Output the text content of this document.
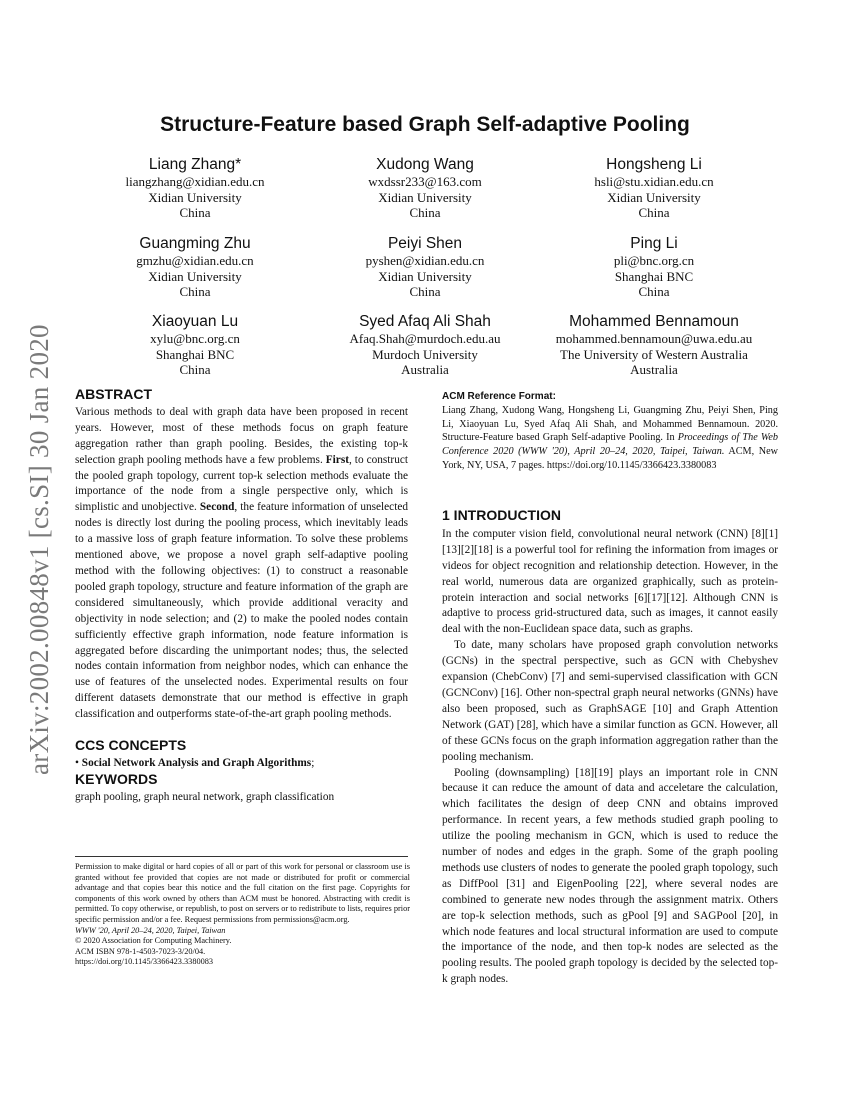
arXiv:2002.00848v1 [cs.SI] 30 Jan 2020
Structure-Feature based Graph Self-adaptive Pooling
Liang Zhang*
liangzhang@xidian.edu.cn
Xidian University
China
Xudong Wang
wxdssr233@163.com
Xidian University
China
Hongsheng Li
hsli@stu.xidian.edu.cn
Xidian University
China
Guangming Zhu
gmzhu@xidian.edu.cn
Xidian University
China
Peiyi Shen
pyshen@xidian.edu.cn
Xidian University
China
Ping Li
pli@bnc.org.cn
Shanghai BNC
China
Xiaoyuan Lu
xylu@bnc.org.cn
Shanghai BNC
China
Syed Afaq Ali Shah
Afaq.Shah@murdoch.edu.au
Murdoch University
Australia
Mohammed Bennamoun
mohammed.bennamoun@uwa.edu.au
The University of Western Australia
Australia

ABSTRACT

Various methods to deal with graph data have been proposed in recent years. However, most of these methods focus on graph feature aggregation rather than graph pooling. Besides, the existing top-k selection graph pooling methods have a few problems. First, to construct the pooled graph topology, current top-k selection methods evaluate the importance of the node from a single perspective only, which is simplistic and unobjective. Second, the feature information of unselected nodes is directly lost during the pooling process, which inevitably leads to a massive loss of graph feature information. To solve these problems mentioned above, we propose a novel graph self-adaptive pooling method with the following objectives: (1) to construct a reasonable pooled graph topology, structure and feature information of the graph are considered simultaneously, which provide additional veracity and objectivity in node selection; and (2) to make the pooled nodes contain sufficiently effective graph information, node feature information is aggregated before discarding the unimportant nodes; thus, the selected nodes contain information from neighbor nodes, which can enhance the use of features of the unselected nodes. Experimental results on four different datasets demonstrate that our method is effective in graph classification and outperforms state-of-the-art graph pooling methods.

CCS CONCEPTS

• Social Network Analysis and Graph Algorithms;

KEYWORDS

graph pooling, graph neural network, graph classification

Permission to make digital or hard copies of all or part of this work for personal or classroom use is granted without fee provided that copies are not made or distributed for profit or commercial advantage and that copies bear this notice and the full citation on the first page. Copyrights for components of this work owned by others than ACM must be honored. Abstracting with credit is permitted. To copy otherwise, or republish, to post on servers or to redistribute to lists, requires prior specific permission and/or a fee. Request permissions from permissions@acm.org.
WWW '20, April 20–24, 2020, Taipei, Taiwan
© 2020 Association for Computing Machinery.
ACM ISBN 978-1-4503-7023-3/20/04.
https://doi.org/10.1145/3366423.3380083
ACM Reference Format:
Liang Zhang, Xudong Wang, Hongsheng Li, Guangming Zhu, Peiyi Shen, Ping Li, Xiaoyuan Lu, Syed Afaq Ali Shah, and Mohammed Bennamoun. 2020. Structure-Feature based Graph Self-adaptive Pooling. In Proceedings of The Web Conference 2020 (WWW '20), April 20–24, 2020, Taipei, Taiwan. ACM, New York, NY, USA, 7 pages. https://doi.org/10.1145/3366423.3380083

1 INTRODUCTION

In the computer vision field, convolutional neural network (CNN) [8][1][13][2][18] is a powerful tool for refining the information from images or videos for object recognition and relationship detection. However, in the real world, numerous data are organized graphically, such as protein-protein interaction and social networks [6][17][12]. Although CNN is adaptive to process grid-structured data, such as images, it cannot easily deal with the non-Euclidean space data, such as graphs.

To date, many scholars have proposed graph convolution networks (GCNs) in the spectral perspective, such as GCN with Chebyshev expansion (ChebConv) [7] and semi-supervised classification with GCN (GCNConv) [16]. Other non-spectral graph neural networks (GNNs) have also been proposed, such as GraphSAGE [10] and Graph Attention Network (GAT) [28], which have a similar function as GCN. However, all of these GCNs focus on the graph information aggregation rather than the pooling mechanism.

Pooling (downsampling) [18][19] plays an important role in CNN because it can reduce the amount of data and acceletare the calculation, which facilitates the design of deep CNN and obtains improved performance. In recent years, a few methods studied graph pooling to utilize the pooling mechanism in GCN, which is used to reduce the number of nodes and edges in the graph. Some of the graph pooling methods use clusters of nodes to generate the pooled graph topology, such as DiffPool [31] and EigenPooling [22], where several nodes are combined to generate new nodes through the assignment matrix. Others are top-k selection methods, such as gPool [9] and SAGPool [20], in which node features and local structural information are used to compute the importance of the node, and then top-k nodes are selected as the pooling results. The pooled graph topology is decided by the selected top-k graph nodes.
